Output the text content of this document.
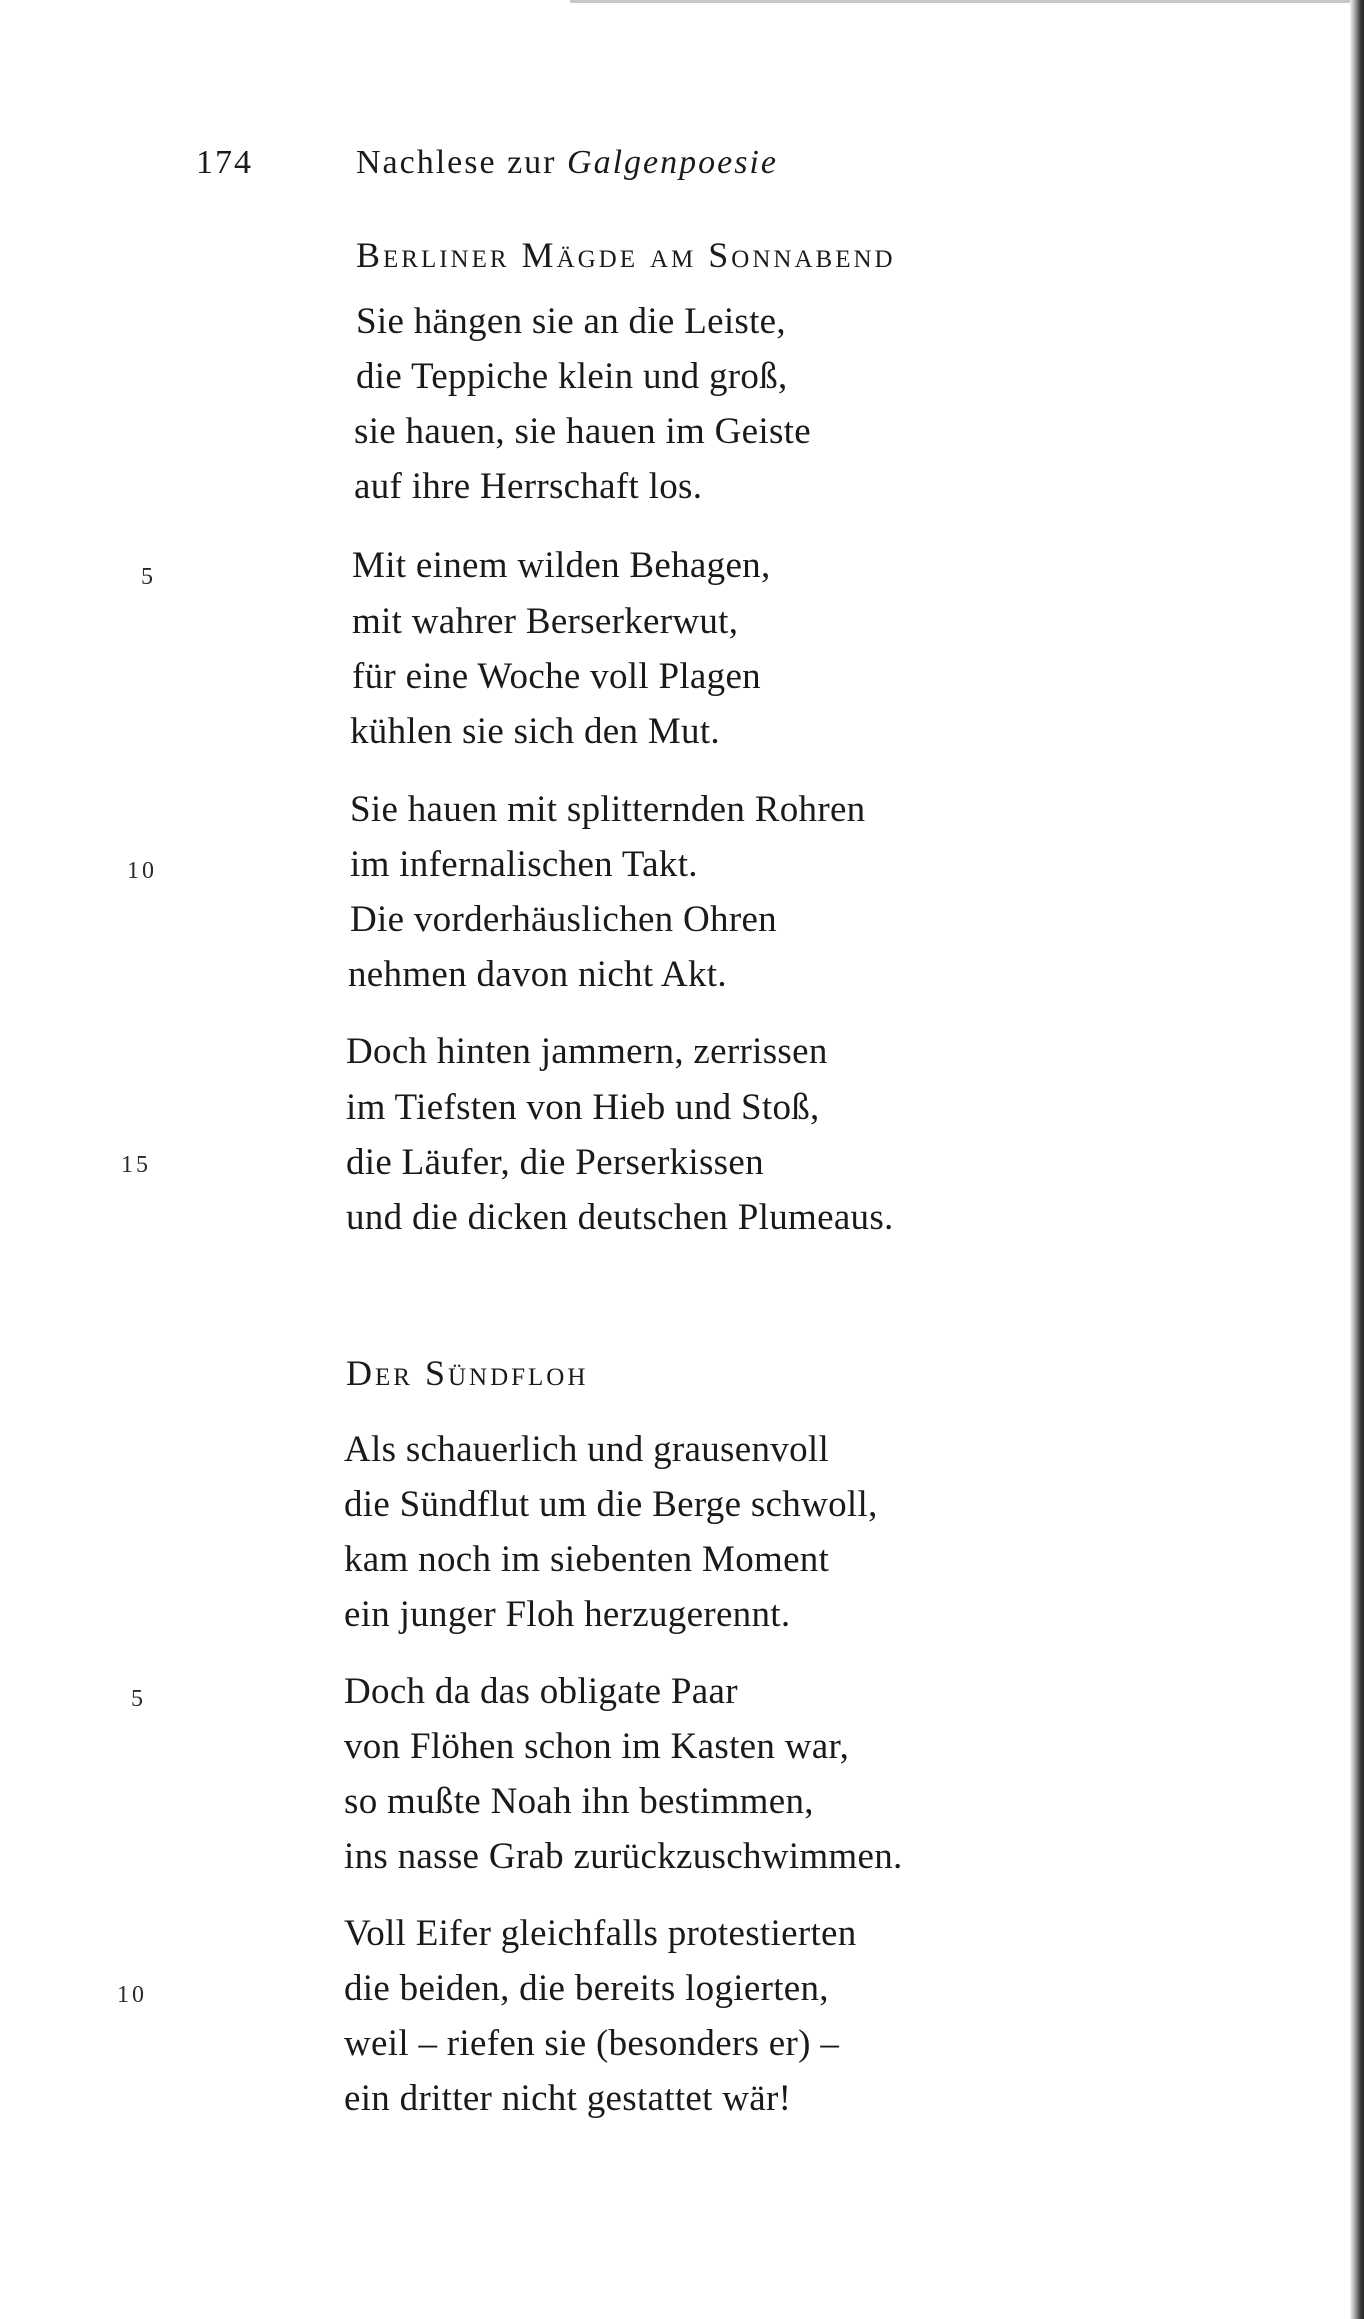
174	Nachlese zur Galgenpoesie
Berliner Mägde am Sonnabend
Sie hängen sie an die Leiste,
die Teppiche klein und groß,
sie hauen, sie hauen im Geiste
auf ihre Herrschaft los.
5	Mit einem wilden Behagen,
mit wahrer Berserkerwut,
für eine Woche voll Plagen
kühlen sie sich den Mut.
Sie hauen mit splitternden Rohren
10	im infernalischen Takt.
Die vorderhäuslichen Ohren
nehmen davon nicht Akt.
Doch hinten jammern, zerrissen
im Tiefsten von Hieb und Stoß,
15	die Läufer, die Perserkissen
und die dicken deutschen Plumeaus.
Der Sündfloh
Als schauerlich und grausenvoll
die Sündflut um die Berge schwoll,
kam noch im siebenten Moment
ein junger Floh herzugerennt.
5	Doch da das obligate Paar
von Flöhen schon im Kasten war,
so mußte Noah ihn bestimmen,
ins nasse Grab zurückzuschwimmen.
Voll Eifer gleichfalls protestierten
10	die beiden, die bereits logierten,
weil – riefen sie (besonders er) –
ein dritter nicht gestattet wär!
